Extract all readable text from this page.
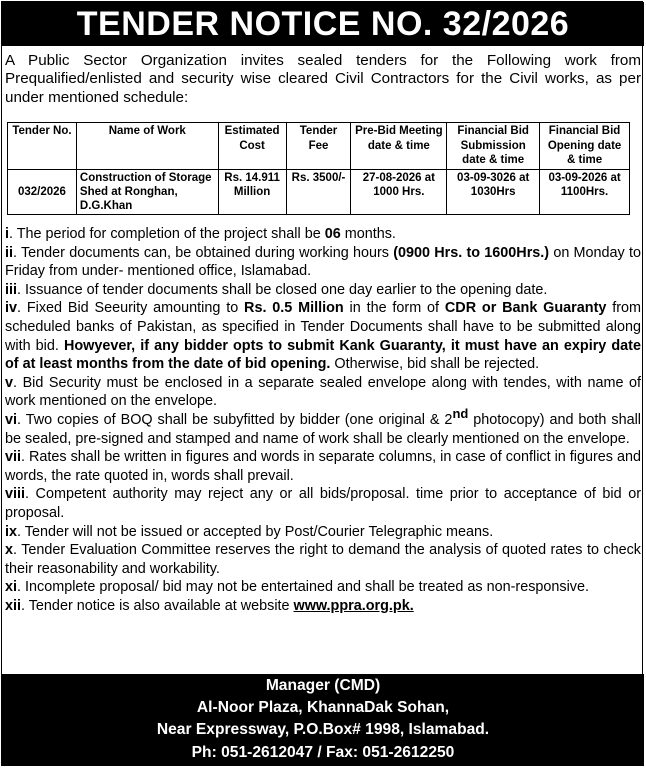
TENDER NOTICE NO. 32/2026
A Public Sector Organization invites sealed tenders for the Following work from Prequalified/enlisted and security wise cleared Civil Contractors for the Civil works, as per under mentioned schedule:
Tender No.	Name of Work	Estimated Cost	Tender Fee	Pre-Bid Meeting date & time	Financial Bid Submission date & time	Financial Bid Opening date & time
032/2026	Construction of Storage Shed at Ronghan, D.G.Khan	Rs. 14.911 Million	Rs. 3500/-	27-08-2026 at 1000 Hrs.	03-09-3026 at 1030Hrs	03-09-2026 at 1100Hrs.

i. The period for completion of the project shall be 06 months.

ii. Tender documents can, be obtained during working hours (0900 Hrs. to 1600Hrs.) on Monday to Friday from under- mentioned office, Islamabad.

iii. Issuance of tender documents shall be closed one day earlier to the opening date.

iv. Fixed Bid Seeurity amounting to Rs. 0.5 Million in the form of CDR or Bank Guaranty from scheduled banks of Pakistan, as specified in Tender Documents shall have to be submitted along with bid. Howyever, if any bidder opts to submit Kank Guaranty, it must have an expiry date of at least months from the date of bid opening. Otherwise, bid shall be rejected.

v. Bid Security must be enclosed in a separate sealed envelope along with tendes, with name of work mentioned on the envelope.

vi. Two copies of BOQ shall be subyfitted by bidder (one original & 2nd photocopy) and both shall be sealed, pre-signed and stamped and name of work shall be clearly mentioned on the envelope.

vii. Rates shall be written in figures and words in separate columns, in case of conflict in figures and words, the rate quoted in, words shall prevail.

viii. Competent authority may reject any or all bids/proposal. time prior to acceptance of bid or proposal.

ix. Tender will not be issued or accepted by Post/Courier Telegraphic means.

x. Tender Evaluation Committee reserves the right to demand the analysis of quoted rates to check their reasonability and workability.

xi. Incomplete proposal/ bid may not be entertained and shall be treated as non-responsive.

xii. Tender notice is also available at website www.ppra.org.pk.

Manager (CMD)
Al-Noor Plaza, KhannaDak Sohan,
Near Expressway, P.O.Box# 1998, Islamabad.
Ph: 051-2612047 / Fax: 051-2612250
